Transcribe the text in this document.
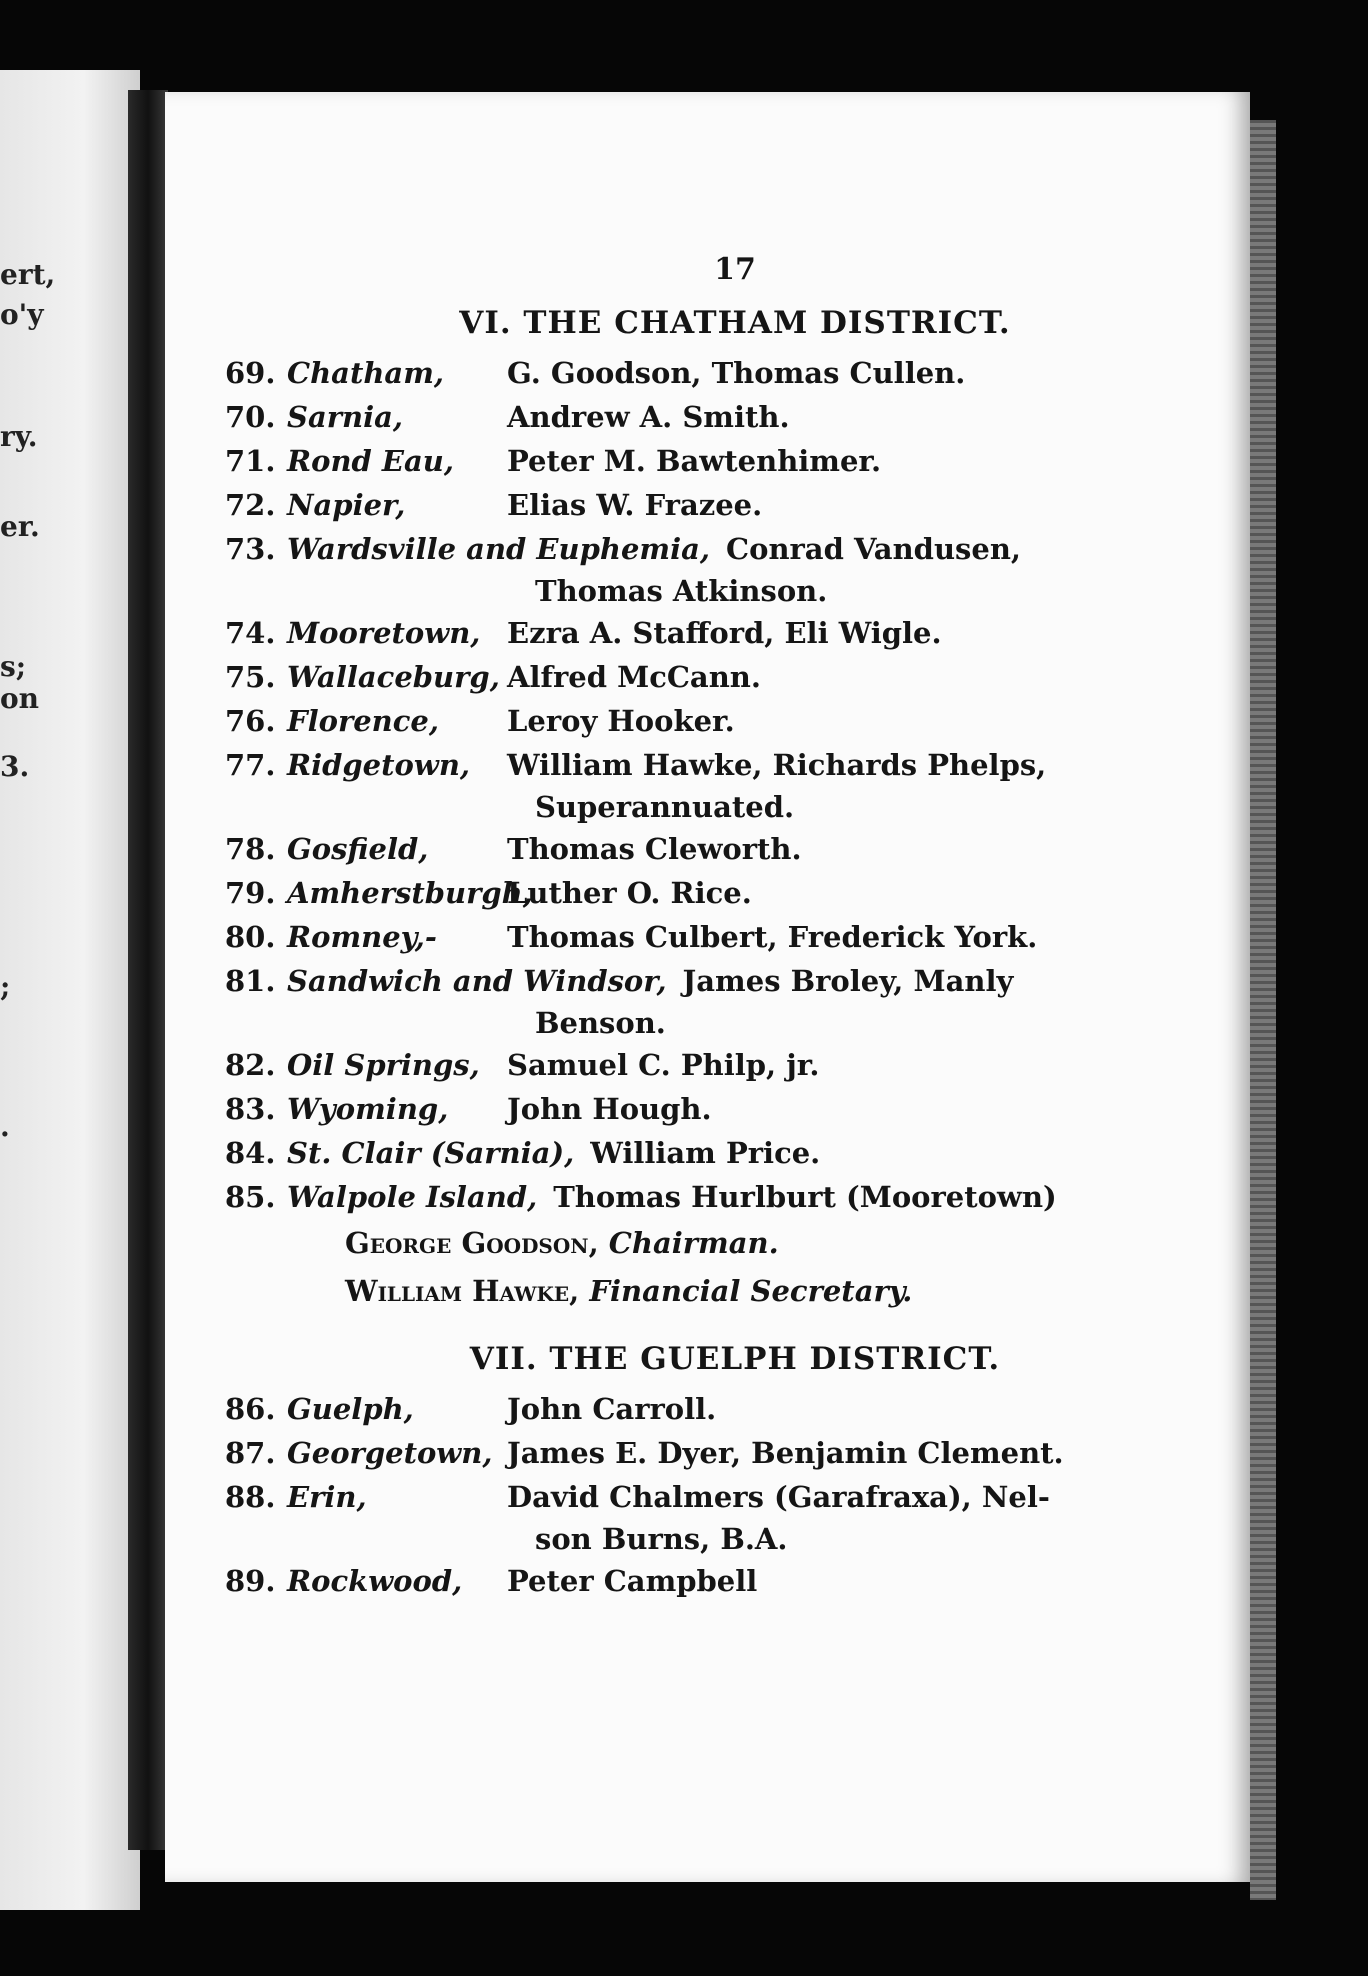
ert,
o'y
ry.
er.
s;
on
3.
;
.
17
VI. THE CHATHAM DISTRICT.
69. Chatham,	G. Goodson, Thomas Cullen.
70. Sarnia,	Andrew A. Smith.
71. Rond Eau,	Peter M. Bawtenhimer.
72. Napier,	Elias W. Frazee.
73. Wardsville and Euphemia, Conrad Vandusen,
Thomas Atkinson.
74. Mooretown, Ezra A. Stafford, Eli Wigle.
75. Wallaceburg, Alfred McCann.
76. Florence,	Leroy Hooker.
77. Ridgetown,	William Hawke, Richards Phelps,
Superannuated.
78. Gosfield,	Thomas Cleworth.
79. Amherstburgh,
Luther O. Rice.
80. Romney,-	Thomas Culbert, Frederick York.
81. Sandwich and Windsor, James Broley, Manly
Benson.
82. Oil Springs, Samuel C. Philp, jr.
83. Wyoming,	John Hough.
84. St. Clair (Sarnia), William Price.
85. Walpole Island, Thomas Hurlburt (Mooretown)
George Goodson, Chairman.
William Hawke, Financial Secretary.
VII. THE GUELPH DISTRICT.
86. Guelph,	John Carroll.
87. Georgetown, James E. Dyer, Benjamin Clement.
88. Erin,	David Chalmers (Garafraxa), Nel-
son Burns, B.A.
89. Rockwood,	Peter Campbell
